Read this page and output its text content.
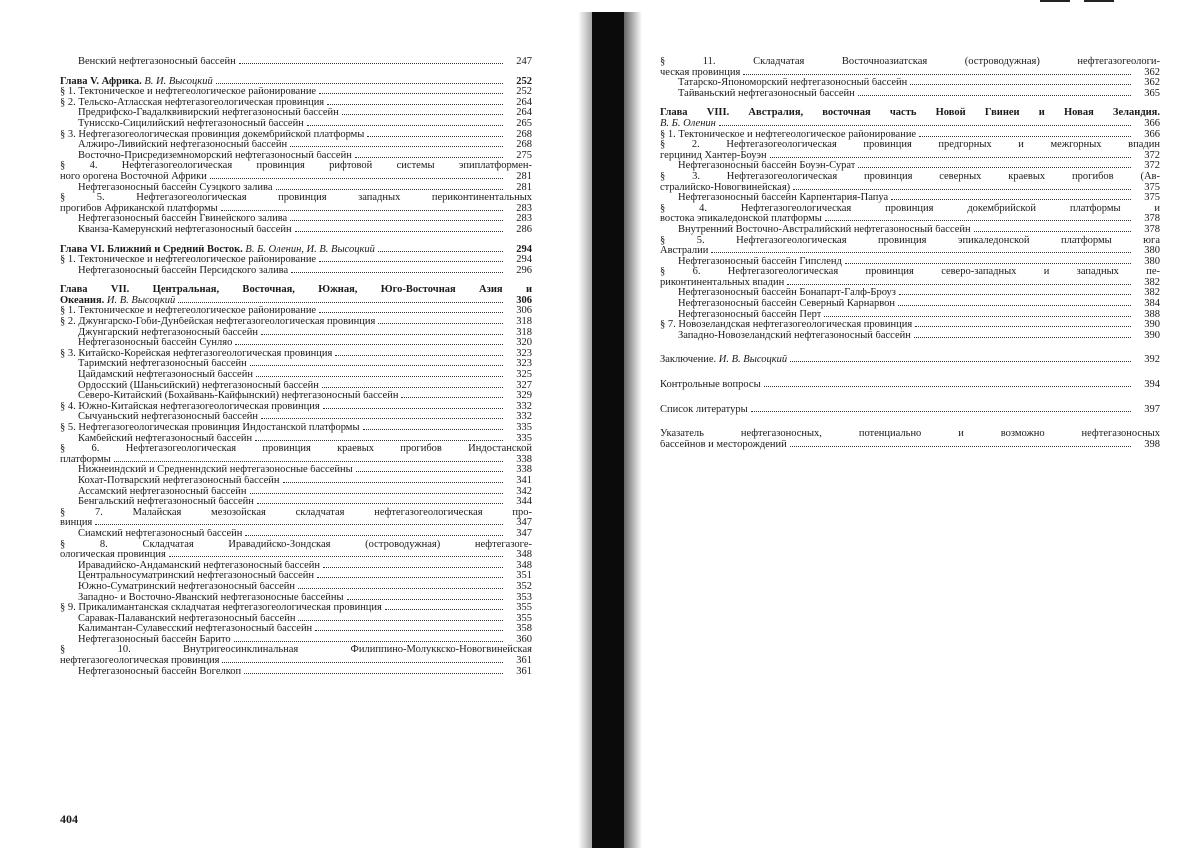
Венский нефтегазоносный бассейн	247
Глава V. Африка. В. И. Высоцкий	252
§ 1. Тектоническое и нефтегеологическое районирование	252
§ 2. Тельско-Атласская нефтегазогеологическая провинция	264
Предрифско-Гвадалквивирский нефтегазоносный бассейн	264
Тунисско-Сицилийский нефтегазоносный бассейн	265
§ 3. Нефтегазогеологическая провинция докембрийской платформы	268
Алжиро-Ливийский нефтегазоносный бассейн	268
Восточно-Присредиземноморский нефтегазоносный бассейн	275
§ 4. Нефтегазогеологическая провинция рифтовой системы эпиплатформен-
ного орогена Восточной Африки	281
Нефтегазоносный бассейн Суэцкого залива	281
§ 5. Нефтегазогеологическая провинция западных периконтинентальных
прогибов Африканской платформы	283
Нефтегазоносный бассейн Гвинейского залива	283
Кванза-Камерунский нефтегазоносный бассейн	286
Глава VI. Ближний и Средний Восток. В. Б. Оленин, И. В. Высоцкий	294
§ 1. Тектоническое и нефтегеологическое районирование	294
Нефтегазоносный бассейн Персидского залива	296
Глава VII. Центральная, Восточная, Южная, Юго-Восточная Азия и
Океания. И. В. Высоцкий	306
§ 1. Тектоническое и нефтегеологическое районирование	306
§ 2. Джунгарско-Гоби-Дунбейская нефтегазогеологическая провинция	318
Джунгарский нефтегазоносный бассейн	318
Нефтегазоносный бассейн Сунляо	320
§ 3. Китайско-Корейская нефтегазогеологическая провинция	323
Таримский нефтегазоносный бассейн	323
Цайдамский нефтегазоносный бассейн	325
Ордосский (Шаньсийский) нефтегазоносный бассейн	327
Северо-Китайский (Бохайвань-Кайфынский) нефтегазоносный бассейн	329
§ 4. Южно-Китайская нефтегазогеологическая провинция	332
Сычуаньский нефтегазоносный бассейн	332
§ 5. Нефтегазогеологическая провинция Индостанской платформы	335
Камбейский нефтегазоносный бассейн	335
§ 6. Нефтегазогеологическая провинция краевых прогибов Индостанской
платформы	338
Нижнеиндский и Средненндский нефтегазоносные бассейны	338
Кохат-Потварский нефтегазоносный бассейн	341
Ассамский нефтегазоносный бассейн	342
Бенгальский нефтегазоносный бассейн	344
§ 7. Малайская мезозойская складчатая нефтегазогеологическая про-
винция	347
Сиамский нефтегазоносный бассейн	347
§ 8. Складчатая Иравадийско-Зондская (островодужная) нефтегазоге-
ологическая провинция	348
Иравадийско-Андаманский нефтегазоносный бассейн	348
Центральносуматринский нефтегазоносный бассейн	351
Южно-Суматринский нефтегазоносный бассейн	352
Западно- и Восточно-Яванский нефтегазоносные бассейны	353
§ 9. Прикалимантанская складчатая нефтегазогеологическая провинция	355
Саравак-Палаванский нефтегазоносный бассейн	355
Калимантан-Сулавесский нефтегазоносный бассейн	358
Нефтегазоносный бассейн Барито	360
§ 10. Внутригеосинклинальная Филиппино-Молуккско-Новогвинейская
нефтегазогеологическая провинция	361
Нефтегазоносный бассейн Вогелкоп	361
404
§ 11. Складчатая Восточноазиатская (островодужная) нефтегазогеологи-
ческая провинция	362
Татарско-Япономорский нефтегазоносный бассейн	362
Тайваньский нефтегазоносный бассейн	365
Глава VIII. Австралия, восточная часть Новой Гвинеи и Новая Зеландия.
В. Б. Оленин	366
§ 1. Тектоническое и нефтегеологическое районирование	366
§ 2. Нефтегазогеологическая провинция предгорных и межгорных впадин
герцинид Хантер-Боуэн	372
Нефтегазоносный бассейн Боуэн-Сурат	372
§ 3. Нефтегазогеологическая провинция северных краевых прогибов (Ав-
стралийско-Новогвинейская)	375
Нефтегазоносный бассейн Карпентария-Папуа	375
§ 4. Нефтегазогеологическая провинция докембрийской платформы и
востока эпикаледонской платформы	378
Внутренний Восточно-Австралийский нефтегазоносный бассейн	378
§ 5. Нефтегазогеологическая провинция эпикаледонской платформы юга
Австралии	380
Нефтегазоносный бассейн Гипсленд	380
§ 6. Нефтегазогеологическая провинция северо-западных и западных пе-
риконтинентальных впадин	382
Нефтегазоносный бассейн Бонапарт-Галф-Броуз	382
Нефтегазоносный бассейн Северный Карнарвон	384
Нефтегазоносный бассейн Перт	388
§ 7. Новозеландская нефтегазогеологическая провинция	390
Западно-Новозеландский нефтегазоносный бассейн	390
Заключение. И. В. Высоцкий	392
Контрольные вопросы	394
Список литературы	397
Указатель нефтегазоносных, потенциально и возможно нефтегазоносных
бассейнов и месторождений	398
